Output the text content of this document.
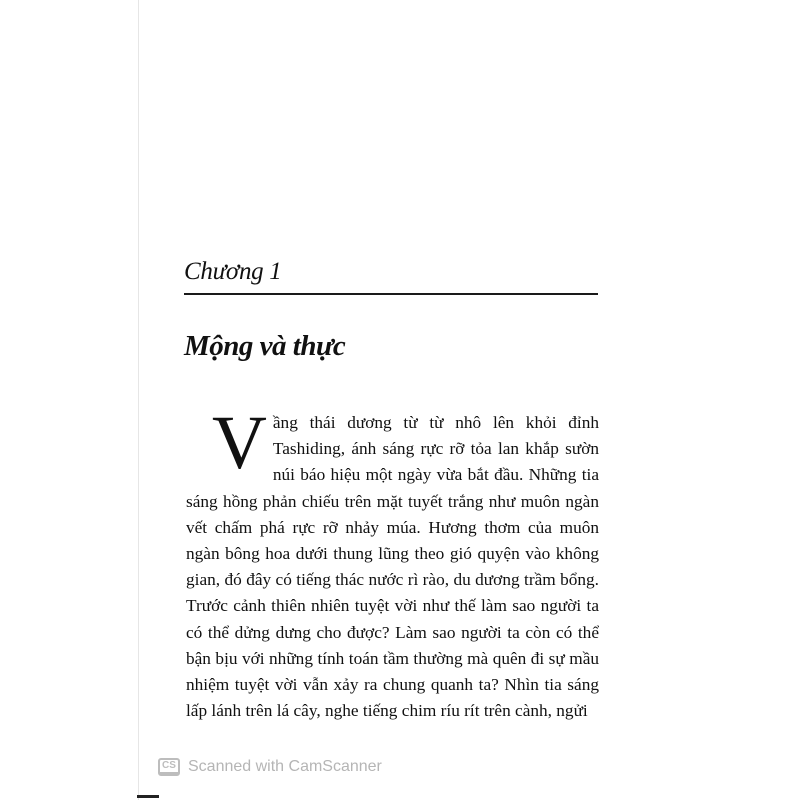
Chương 1
Mộng và thực
V ầng thái dương từ từ nhô lên khỏi đỉnh Tashiding, ánh sáng rực rỡ tỏa lan khắp sườn núi báo hiệu một ngày vừa bắt đầu. Những tia sáng hồng phản chiếu trên mặt tuyết trắng như muôn ngàn vết chấm phá rực rỡ nhảy múa. Hương thơm của muôn ngàn bông hoa dưới thung lũng theo gió quyện vào không gian, đó đây có tiếng thác nước rì rào, du dương trầm bổng. Trước cảnh thiên nhiên tuyệt vời như thế làm sao người ta có thể dửng dưng cho được? Làm sao người ta còn có thể bận bịu với những tính toán tầm thường mà quên đi sự mầu nhiệm tuyệt vời vẫn xảy ra chung quanh ta? Nhìn tia sáng lấp lánh trên lá cây, nghe tiếng chim ríu rít trên cành, ngửi
CS Scanned with CamScanner
